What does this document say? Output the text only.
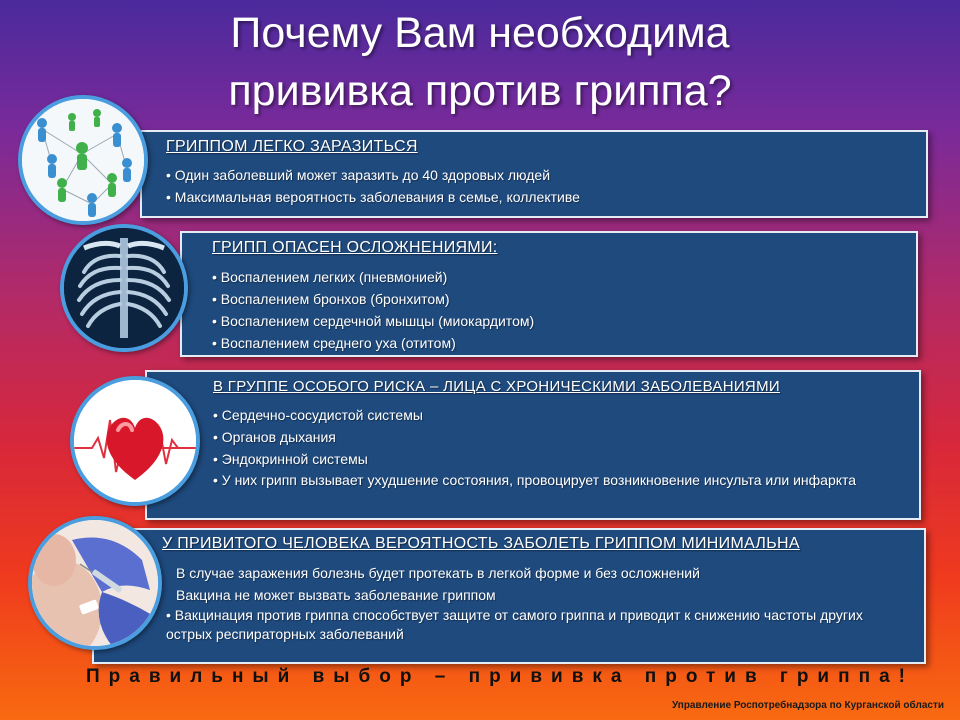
Почему Вам необходима
прививка против гриппа?
ГРИППОМ ЛЕГКО ЗАРАЗИТЬСЯ
• Один заболевший может заразить до 40 здоровых людей
• Максимальная вероятность заболевания в семье, коллективе
ГРИПП ОПАСЕН ОСЛОЖНЕНИЯМИ:
• Воспалением легких (пневмонией)
• Воспалением бронхов (бронхитом)
• Воспалением сердечной мышцы (миокардитом)
• Воспалением среднего уха (отитом)
В ГРУППЕ ОСОБОГО РИСКА – ЛИЦА С ХРОНИЧЕСКИМИ ЗАБОЛЕВАНИЯМИ
• Сердечно-сосудистой системы
• Органов дыхания
• Эндокринной системы
• У них грипп вызывает ухудшение состояния, провоцирует возникновение инсульта или инфаркта
У ПРИВИТОГО ЧЕЛОВЕКА ВЕРОЯТНОСТЬ ЗАБОЛЕТЬ ГРИППОМ МИНИМАЛЬНА
В случае заражения болезнь будет протекать в легкой форме и без осложнений
Вакцина не может вызвать заболевание гриппом
• Вакцинация против гриппа способствует защите от самого гриппа и приводит к снижению частоты других острых респираторных заболеваний
Правильный выбор – прививка против гриппа!
Управление Роспотребнадзора по Курганской области
